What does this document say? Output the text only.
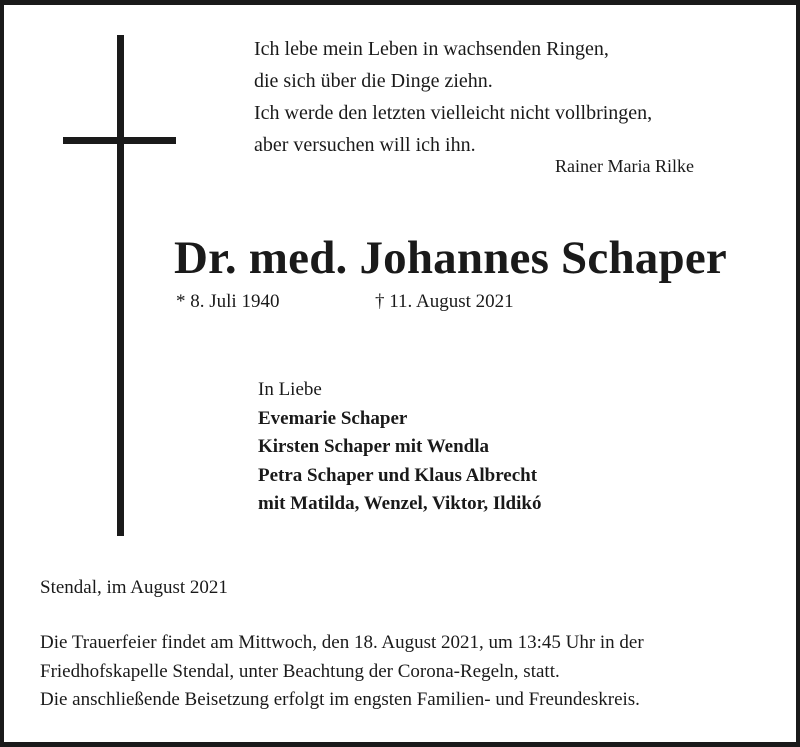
Ich lebe mein Leben in wachsenden Ringen,
die sich über die Dinge ziehn.
Ich werde den letzten vielleicht nicht vollbringen,
aber versuchen will ich ihn.
Rainer Maria Rilke
Dr. med. Johannes Schaper
* 8. Juli 1940	† 11. August 2021
In Liebe
Evemarie Schaper
Kirsten Schaper mit Wendla
Petra Schaper und Klaus Albrecht
mit Matilda, Wenzel, Viktor, Ildikó
Stendal, im August 2021
Die Trauerfeier findet am Mittwoch, den 18. August 2021, um 13:45 Uhr in der
Friedhofskapelle Stendal, unter Beachtung der Corona-Regeln, statt.
Die anschließende Beisetzung erfolgt im engsten Familien- und Freundeskreis.
